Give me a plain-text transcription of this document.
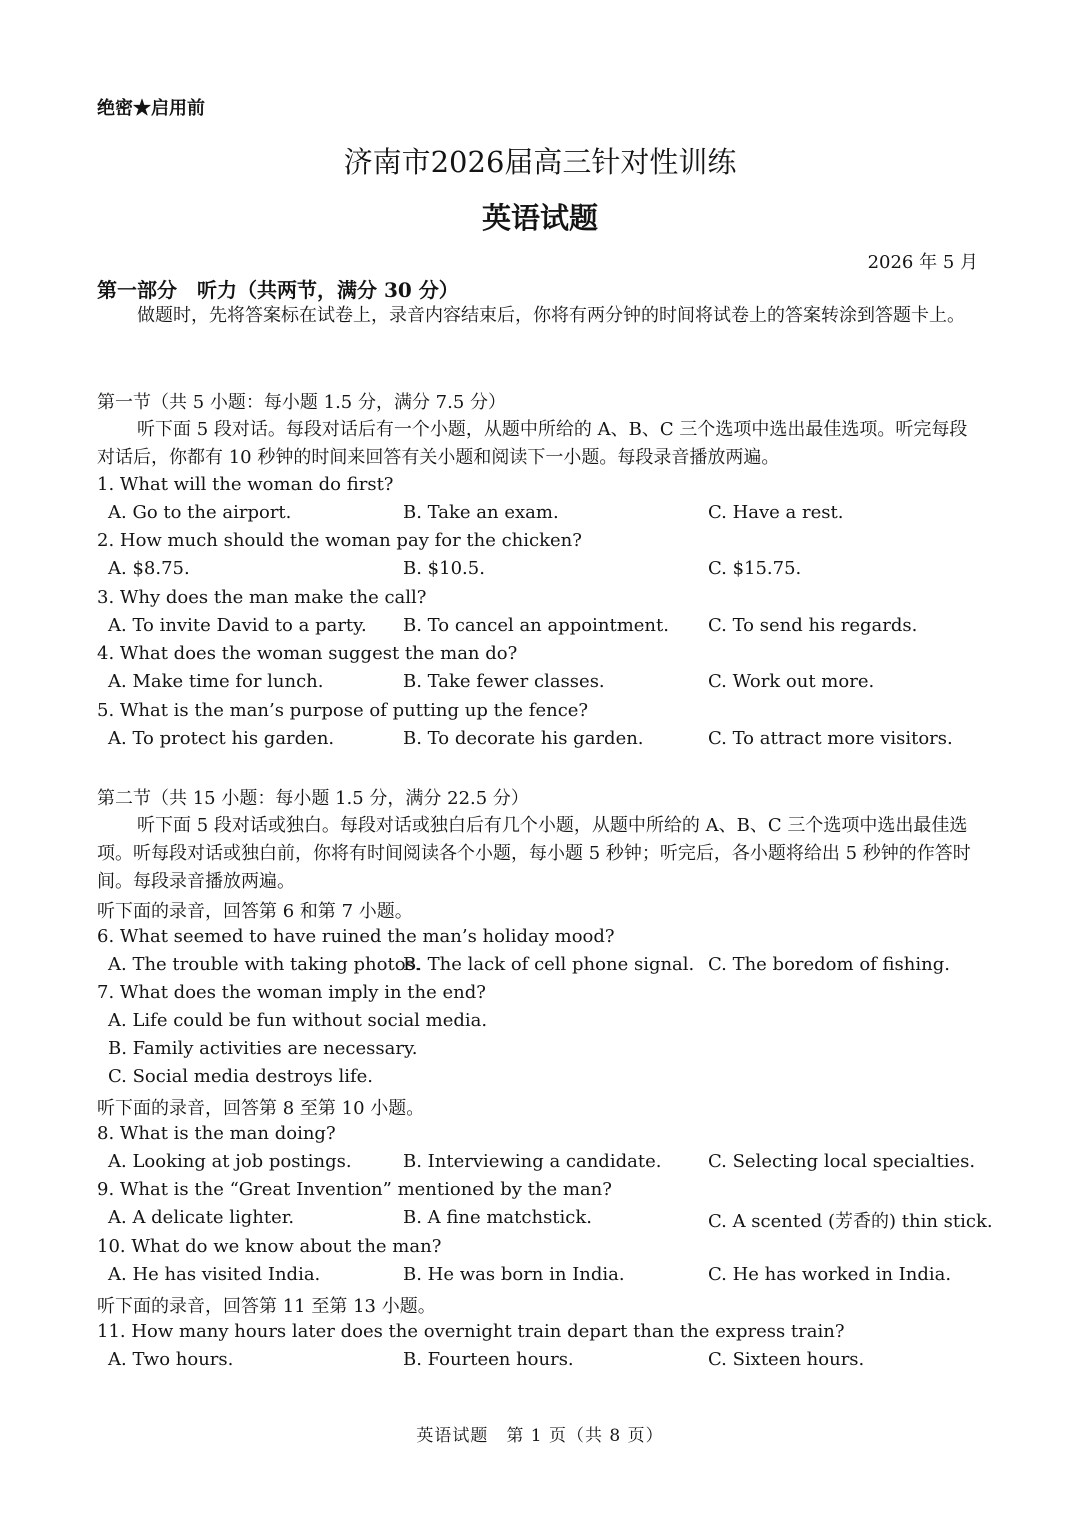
绝密★启用前
济南市2026届高三针对性训练
英语试题
2026 年 5 月
第一部分　听力（共两节，满分 30 分）
做题时，先将答案标在试卷上，录音内容结束后，你将有两分钟的时间将试卷上的答案转涂到答题卡上。
第一节（共 5 小题：每小题 1.5 分，满分 7.5 分）
听下面 5 段对话。每段对话后有一个小题，从题中所给的 A、B、C 三个选项中选出最佳选项。听完每段对话后，你都有 10 秒钟的时间来回答有关小题和阅读下一小题。每段录音播放两遍。
1. What will the woman do first?
A. Go to the airport.	B. Take an exam.	C. Have a rest.
2. How much should the woman pay for the chicken?
A. $8.75.	B. $10.5.	C. $15.75.
3. Why does the man make the call?
A. To invite David to a party. B. To cancel an appointment. C. To send his regards.
4. What does the woman suggest the man do?
A. Make time for lunch.	B. Take fewer classes.	C. Work out more.
5. What is the man’s purpose of putting up the fence?
A. To protect his garden.	B. To decorate his garden.	C. To attract more visitors.
第二节（共 15 小题：每小题 1.5 分，满分 22.5 分）
听下面 5 段对话或独白。每段对话或独白后有几个小题，从题中所给的 A、B、C 三个选项中选出最佳选项。听每段对话或独白前，你将有时间阅读各个小题，每小题 5 秒钟；听完后，各小题将给出 5 秒钟的作答时间。每段录音播放两遍。
听下面的录音，回答第 6 和第 7 小题。
6. What seemed to have ruined the man’s holiday mood?
A. The trouble with taking photos.
B. The lack of cell phone signal. C. The boredom of fishing.
7. What does the woman imply in the end?
A. Life could be fun without social media.
B. Family activities are necessary.
C. Social media destroys life.
听下面的录音，回答第 8 至第 10 小题。
8. What is the man doing?
A. Looking at job postings.	B. Interviewing a candidate.	C. Selecting local specialties.
9. What is the “Great Invention” mentioned by the man?
A. A delicate lighter.	B. A fine matchstick.	C. A scented (芳香的) thin stick.
10. What do we know about the man?
A. He has visited India.	B. He was born in India.	C. He has worked in India.
听下面的录音，回答第 11 至第 13 小题。
11. How many hours later does the overnight train depart than the express train?
A. Two hours.	B. Fourteen hours.	C. Sixteen hours.
英语试题　第 1 页（共 8 页）
